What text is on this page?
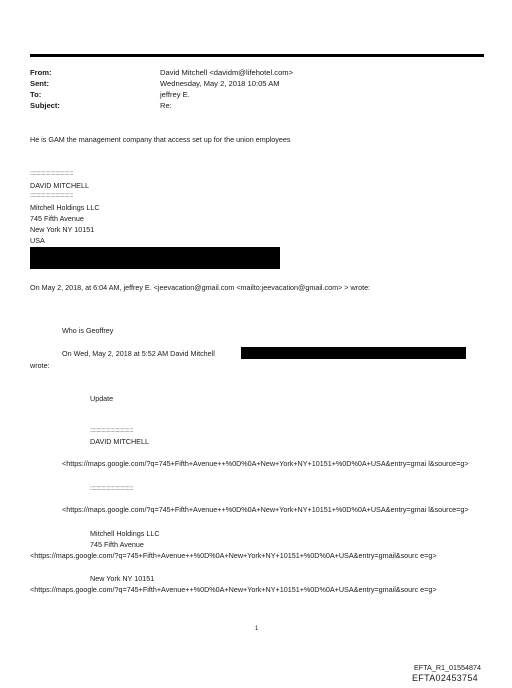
From:	David Mitchell <davidm@lifehotel.com>
Sent:	Wednesday, May 2, 2018 10:05 AM
To:	jeffrey E.
Subject:	Re:
He is GAM the management company that access set up for the union employees
::::::::::::::::::::::::::::::::::
DAVID MITCHELL
::::::::::::::::::::::::::::::::::
Mitchell Holdings LLC
745 Fifth Avenue
New York NY 10151
USA
On May 2, 2018, at 6:04 AM, jeffrey E. <jeevacation@gmail.com <mailto:jeevacation@gmail.com> > wrote:
Who is Geoffrey
On Wed, May 2, 2018 at 5:52 AM David Mitchell
wrote:
Update
::::::::::::::::::::::::::::::::::
DAVID MITCHELL
<https://maps.google.com/?q=745+Fifth+Avenue++%0D%0A+New+York+NY+10151+%0D%0A+USA&entry=gmai l&source=g>
::::::::::::::::::::::::::::::::::
<https://maps.google.com/?q=745+Fifth+Avenue++%0D%0A+New+York+NY+10151+%0D%0A+USA&entry=gmai l&source=g>
Mitchell Holdings LLC
745 Fifth Avenue
<https://maps.google.com/?q=745+Fifth+Avenue++%0D%0A+New+York+NY+10151+%0D%0A+USA&entry=gmail&sourc e=g>
New York NY 10151
<https://maps.google.com/?q=745+Fifth+Avenue++%0D%0A+New+York+NY+10151+%0D%0A+USA&entry=gmail&sourc e=g>
1
EFTA_R1_01554874
EFTA02453754
